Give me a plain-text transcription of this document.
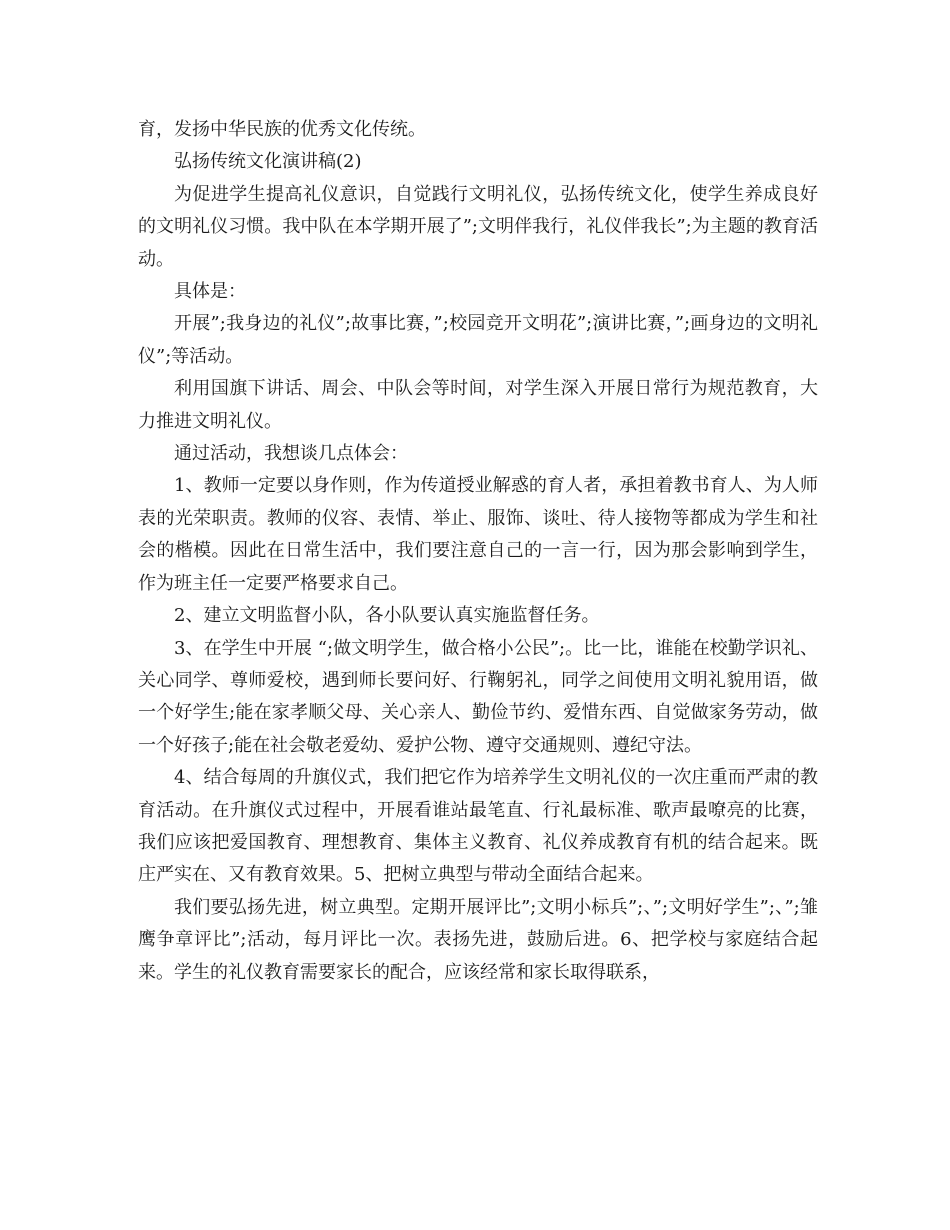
育，发扬中华民族的优秀文化传统。

弘扬传统文化演讲稿(2)

为促进学生提高礼仪意识，自觉践行文明礼仪，弘扬传统文化，使学生养成良好的文明礼仪习惯。我中队在本学期开展了”;文明伴我行，礼仪伴我长”;为主题的教育活动。

具体是：

开展”;我身边的礼仪”;故事比赛，”;校园竞开文明花”;演讲比赛，”;画身边的文明礼仪”;等活动。

利用国旗下讲话、周会、中队会等时间，对学生深入开展日常行为规范教育，大力推进文明礼仪。

通过活动，我想谈几点体会：

1、教师一定要以身作则，作为传道授业解惑的育人者，承担着教书育人、为人师表的光荣职责。教师的仪容、表情、举止、服饰、谈吐、待人接物等都成为学生和社会的楷模。因此在日常生活中，我们要注意自己的一言一行，因为那会影响到学生，作为班主任一定要严格要求自己。

2、建立文明监督小队，各小队要认真实施监督任务。

3、在学生中开展 “;做文明学生，做合格小公民”;。比一比，谁能在校勤学识礼、关心同学、尊师爱校，遇到师长要问好、行鞠躬礼，同学之间使用文明礼貌用语，做一个好学生;能在家孝顺父母、关心亲人、勤俭节约、爱惜东西、自觉做家务劳动，做一个好孩子;能在社会敬老爱幼、爱护公物、遵守交通规则、遵纪守法。

4、结合每周的升旗仪式，我们把它作为培养学生文明礼仪的一次庄重而严肃的教育活动。在升旗仪式过程中，开展看谁站最笔直、行礼最标准、歌声最嘹亮的比赛，我们应该把爱国教育、理想教育、集体主义教育、礼仪养成教育有机的结合起来。既庄严实在、又有教育效果。5、把树立典型与带动全面结合起来。

我们要弘扬先进，树立典型。定期开展评比”;文明小标兵”;、”;文明好学生”;、”;雏鹰争章评比”;活动，每月评比一次。表扬先进，鼓励后进。6、把学校与家庭结合起来。学生的礼仪教育需要家长的配合，应该经常和家长取得联系，
